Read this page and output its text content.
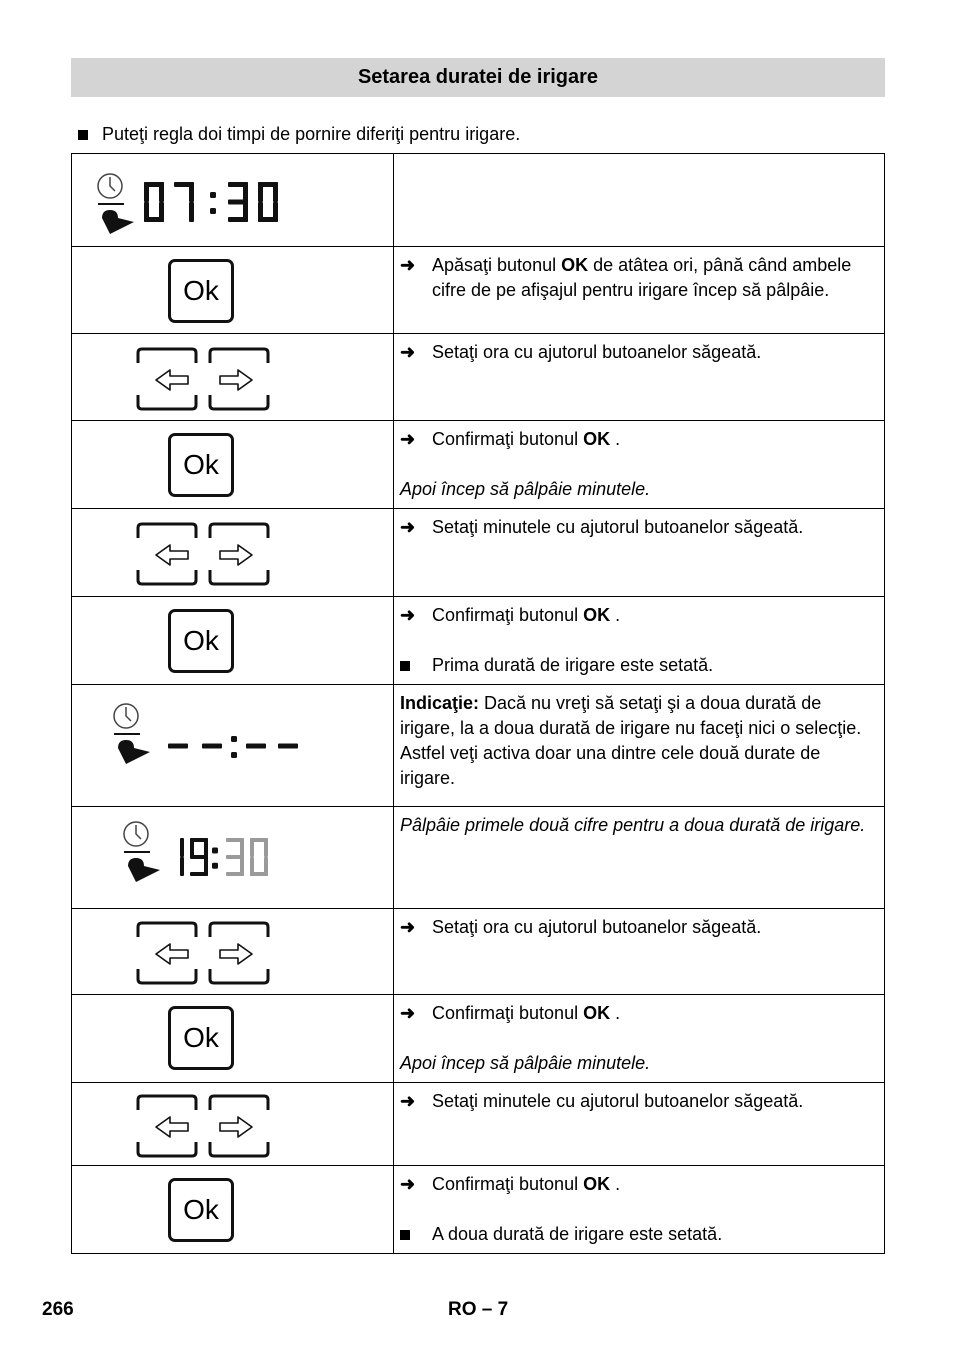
Setarea duratei de irigare
Puteţi regla doi timpi de pornire diferiţi pentru irigare.

Ok	➜ Apăsaţi butonul OK de atâtea ori, până când ambele cifre de pe afişajul pentru irigare încep să pâlpâie.

➜ Setaţi ora cu ajutorul butoanelor săgeată.

Ok	➜ Confirmaţi butonul OK .
Apoi încep să pâlpâie minutele.

➜ Setaţi minutele cu ajutorul butoanelor săgeată.

Ok	➜ Confirmaţi butonul OK .
Prima durată de irigare este setată.

Indicaţie: Dacă nu vreţi să setaţi şi a doua durată de irigare, la a doua durată de irigare nu faceţi nici o selecţie. Astfel veţi activa doar una dintre cele două durate de irigare.

Pâlpâie primele două cifre pentru a doua durată de irigare.

➜ Setaţi ora cu ajutorul butoanelor săgeată.

Ok	➜ Confirmaţi butonul OK .
Apoi încep să pâlpâie minutele.

➜ Setaţi minutele cu ajutorul butoanelor săgeată.

Ok	➜ Confirmaţi butonul OK .
A doua durată de irigare este setată.
266	RO – 7
